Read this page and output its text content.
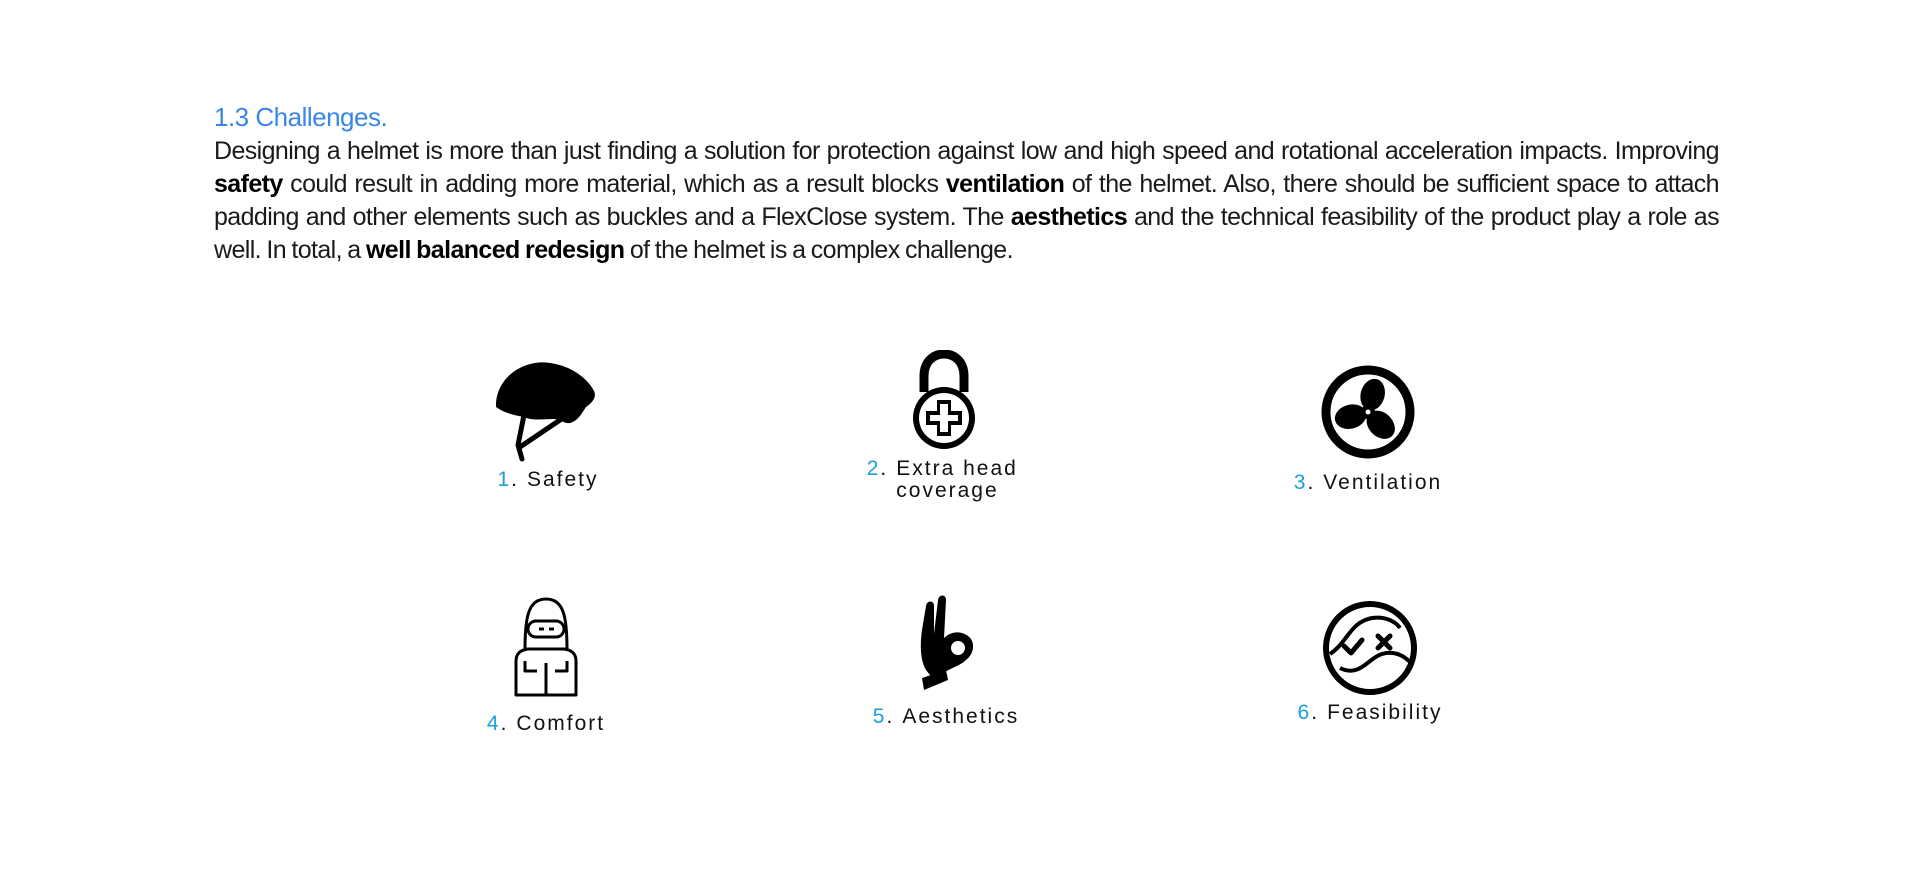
1.3 Challenges.

Designing a helmet is more than just finding a solution for protection against low and high speed and rotational acceleration impacts. Improving safety could result in adding more material, which as a result blocks ventilation of the helmet. Also, there should be sufficient space to attach padding and other elements such as buckles and a FlexClose system. The aesthetics and the technical feasibility of the product play a role as well. In total, a well balanced redesign of the helmet is a complex challenge.

1 . Safety	2 . Extra head coverage	3 . Ventilation
4 . Comfort	5 . Aesthetics	6 . Feasibility
